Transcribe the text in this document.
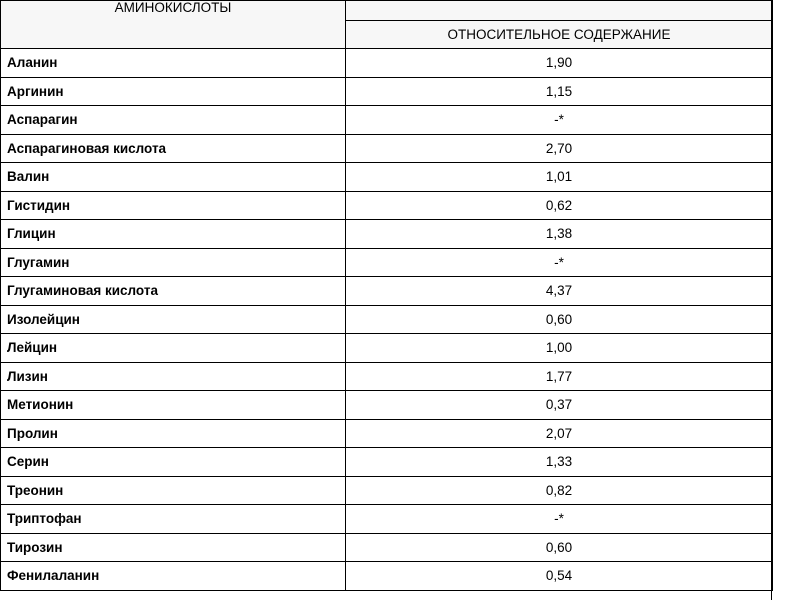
АМИНОКИСЛОТЫ	
	ОТНОСИТЕЛЬНОЕ СОДЕРЖАНИЕ
Аланин	1,90
Аргинин	1,15
Аспарагин	-*
Аспарагиновая кислота	2,70
Валин	1,01
Гистидин	0,62
Глицин	1,38
Глугамин	-*
Глугаминовая кислота	4,37
Изолейцин	0,60
Лейцин	1,00
Лизин	1,77
Метионин	0,37
Пролин	2,07
Серин	1,33
Треонин	0,82
Триптофан	-*
Тирозин	0,60
Фенилаланин	0,54
